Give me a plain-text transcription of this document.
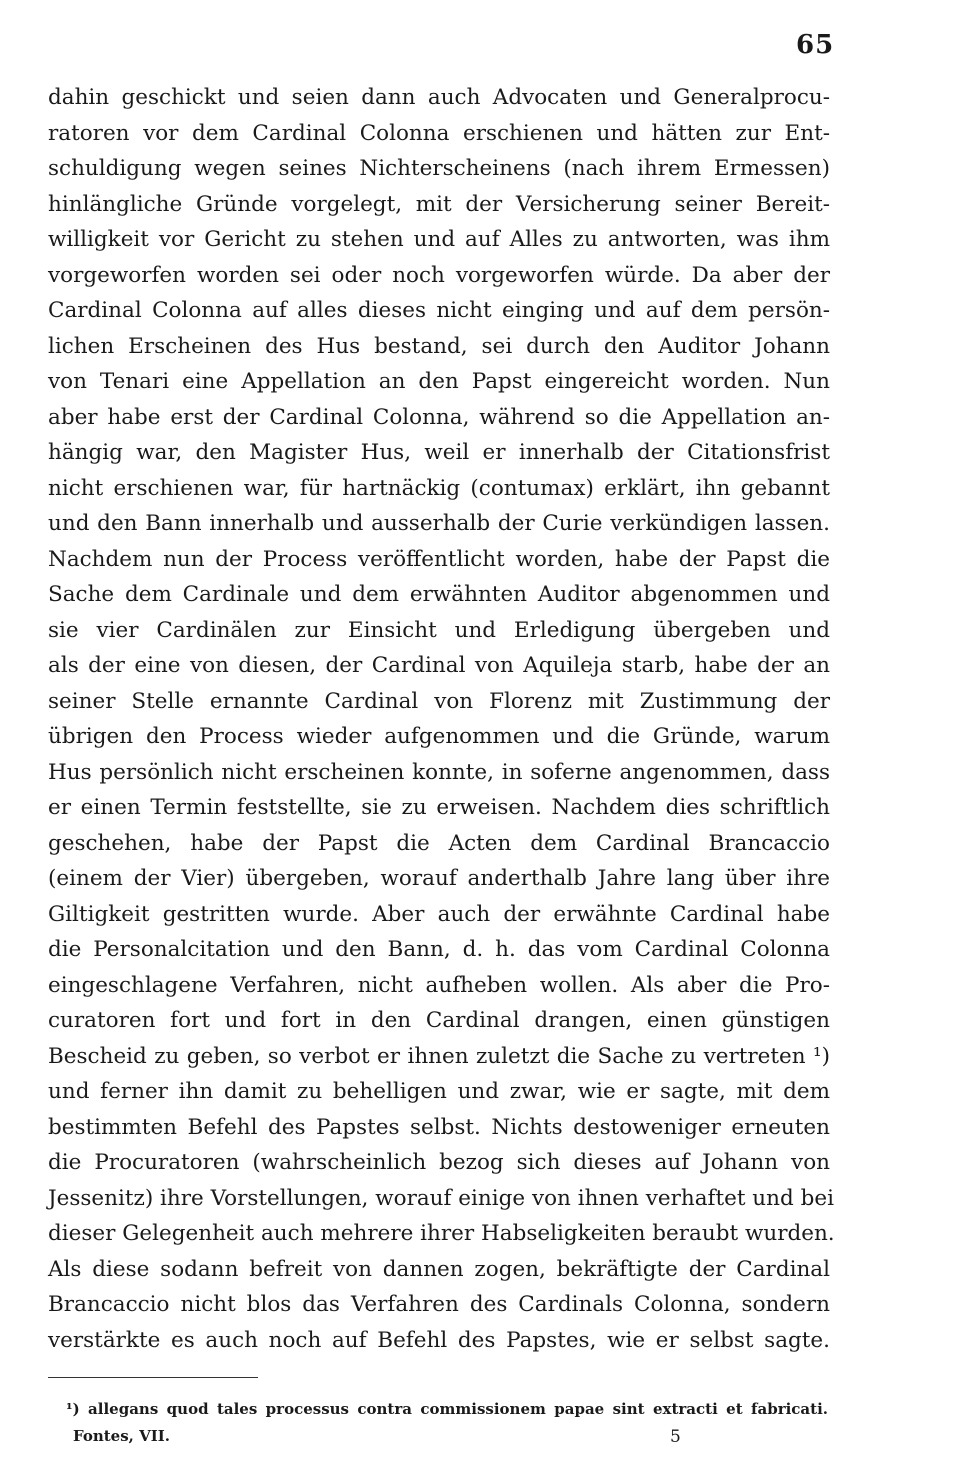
65
dahin geschickt und seien dann auch Advocaten und Generalprocu-
ratoren vor dem Cardinal Colonna erschienen und hätten zur Ent-
schuldigung wegen seines Nichterscheinens (nach ihrem Ermessen)
hinlängliche Gründe vorgelegt, mit der Versicherung seiner Bereit-
willigkeit vor Gericht zu stehen und auf Alles zu antworten, was ihm
vorgeworfen worden sei oder noch vorgeworfen würde. Da aber der
Cardinal Colonna auf alles dieses nicht einging und auf dem persön-
lichen Erscheinen des Hus bestand, sei durch den Auditor Johann
von Tenari eine Appellation an den Papst eingereicht worden. Nun
aber habe erst der Cardinal Colonna, während so die Appellation an-
hängig war, den Magister Hus, weil er innerhalb der Citationsfrist
nicht erschienen war, für hartnäckig (contumax) erklärt, ihn gebannt
und den Bann innerhalb und ausserhalb der Curie verkündigen lassen.
Nachdem nun der Process veröffentlicht worden, habe der Papst die
Sache dem Cardinale und dem erwähnten Auditor abgenommen und
sie vier Cardinälen zur Einsicht und Erledigung übergeben und
als der eine von diesen, der Cardinal von Aquileja starb, habe der an
seiner Stelle ernannte Cardinal von Florenz mit Zustimmung der
übrigen den Process wieder aufgenommen und die Gründe, warum
Hus persönlich nicht erscheinen konnte, in soferne angenommen, dass
er einen Termin feststellte, sie zu erweisen. Nachdem dies schriftlich
geschehen, habe der Papst die Acten dem Cardinal Brancaccio
(einem der Vier) übergeben, worauf anderthalb Jahre lang über ihre
Giltigkeit gestritten wurde. Aber auch der erwähnte Cardinal habe
die Personalcitation und den Bann, d. h. das vom Cardinal Colonna
eingeschlagene Verfahren, nicht aufheben wollen. Als aber die Pro-
curatoren fort und fort in den Cardinal drangen, einen günstigen
Bescheid zu geben, so verbot er ihnen zuletzt die Sache zu vertreten ¹)
und ferner ihn damit zu behelligen und zwar, wie er sagte, mit dem
bestimmten Befehl des Papstes selbst. Nichts destoweniger erneuten
die Procuratoren (wahrscheinlich bezog sich dieses auf Johann von
Jessenitz) ihre Vorstellungen, worauf einige von ihnen verhaftet und bei
dieser Gelegenheit auch mehrere ihrer Habseligkeiten beraubt wurden.
Als diese sodann befreit von dannen zogen, bekräftigte der Cardinal
Brancaccio nicht blos das Verfahren des Cardinals Colonna, sondern
verstärkte es auch noch auf Befehl des Papstes, wie er selbst sagte.
¹) allegans quod tales processus contra commissionem papae sint extracti et fabricati.
Fontes, VII.	5
